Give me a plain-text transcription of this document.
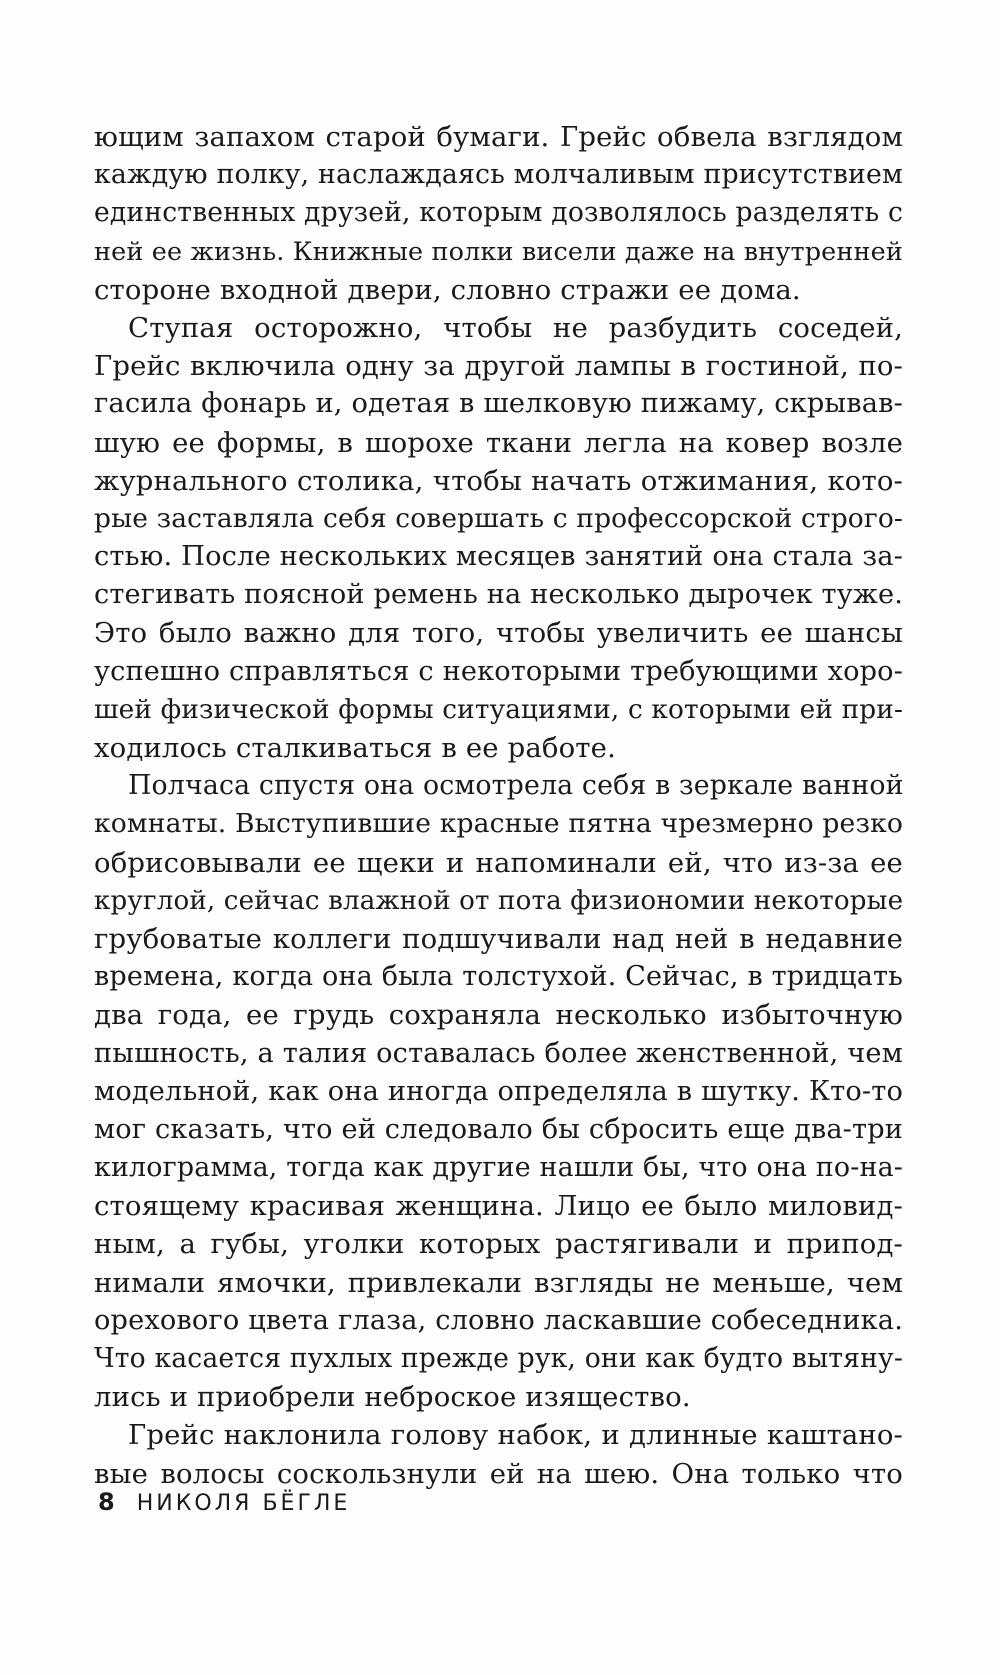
ющим запахом старой бумаги. Грейс обвела взглядом
каждую полку, наслаждаясь молчаливым присутствием
единственных друзей, которым дозволялось разделять с
ней ее жизнь. Книжные полки висели даже на внутренней
стороне входной двери, словно стражи ее дома.
Ступая осторожно, чтобы не разбудить соседей,
Грейс включила одну за другой лампы в гостиной, по-
гасила фонарь и, одетая в шелковую пижаму, скрывав-
шую ее формы, в шорохе ткани легла на ковер возле
журнального столика, чтобы начать отжимания, кото-
рые заставляла себя совершать с профессорской строго-
стью. После нескольких месяцев занятий она стала за-
стегивать поясной ремень на несколько дырочек туже.
Это было важно для того, чтобы увеличить ее шансы
успешно справляться с некоторыми требующими хоро-
шей физической формы ситуациями, с которыми ей при-
ходилось сталкиваться в ее работе.
Полчаса спустя она осмотрела себя в зеркале ванной
комнаты. Выступившие красные пятна чрезмерно резко
обрисовывали ее щеки и напоминали ей, что из-за ее
круглой, сейчас влажной от пота физиономии некоторые
грубоватые коллеги подшучивали над ней в недавние
времена, когда она была толстухой. Сейчас, в тридцать
два года, ее грудь сохраняла несколько избыточную
пышность, а талия оставалась более женственной, чем
модельной, как она иногда определяла в шутку. Кто-то
мог сказать, что ей следовало бы сбросить еще два-три
килограмма, тогда как другие нашли бы, что она по-на-
стоящему красивая женщина. Лицо ее было миловид-
ным, а губы, уголки которых растягивали и припод-
нимали ямочки, привлекали взгляды не меньше, чем
орехового цвета глаза, словно ласкавшие собеседника.
Что касается пухлых прежде рук, они как будто вытяну-
лись и приобрели неброское изящество.
Грейс наклонила голову набок, и длинные каштано-
вые волосы соскользнули ей на шею. Она только что
8 НИКОЛЯ БЁГЛЕ
